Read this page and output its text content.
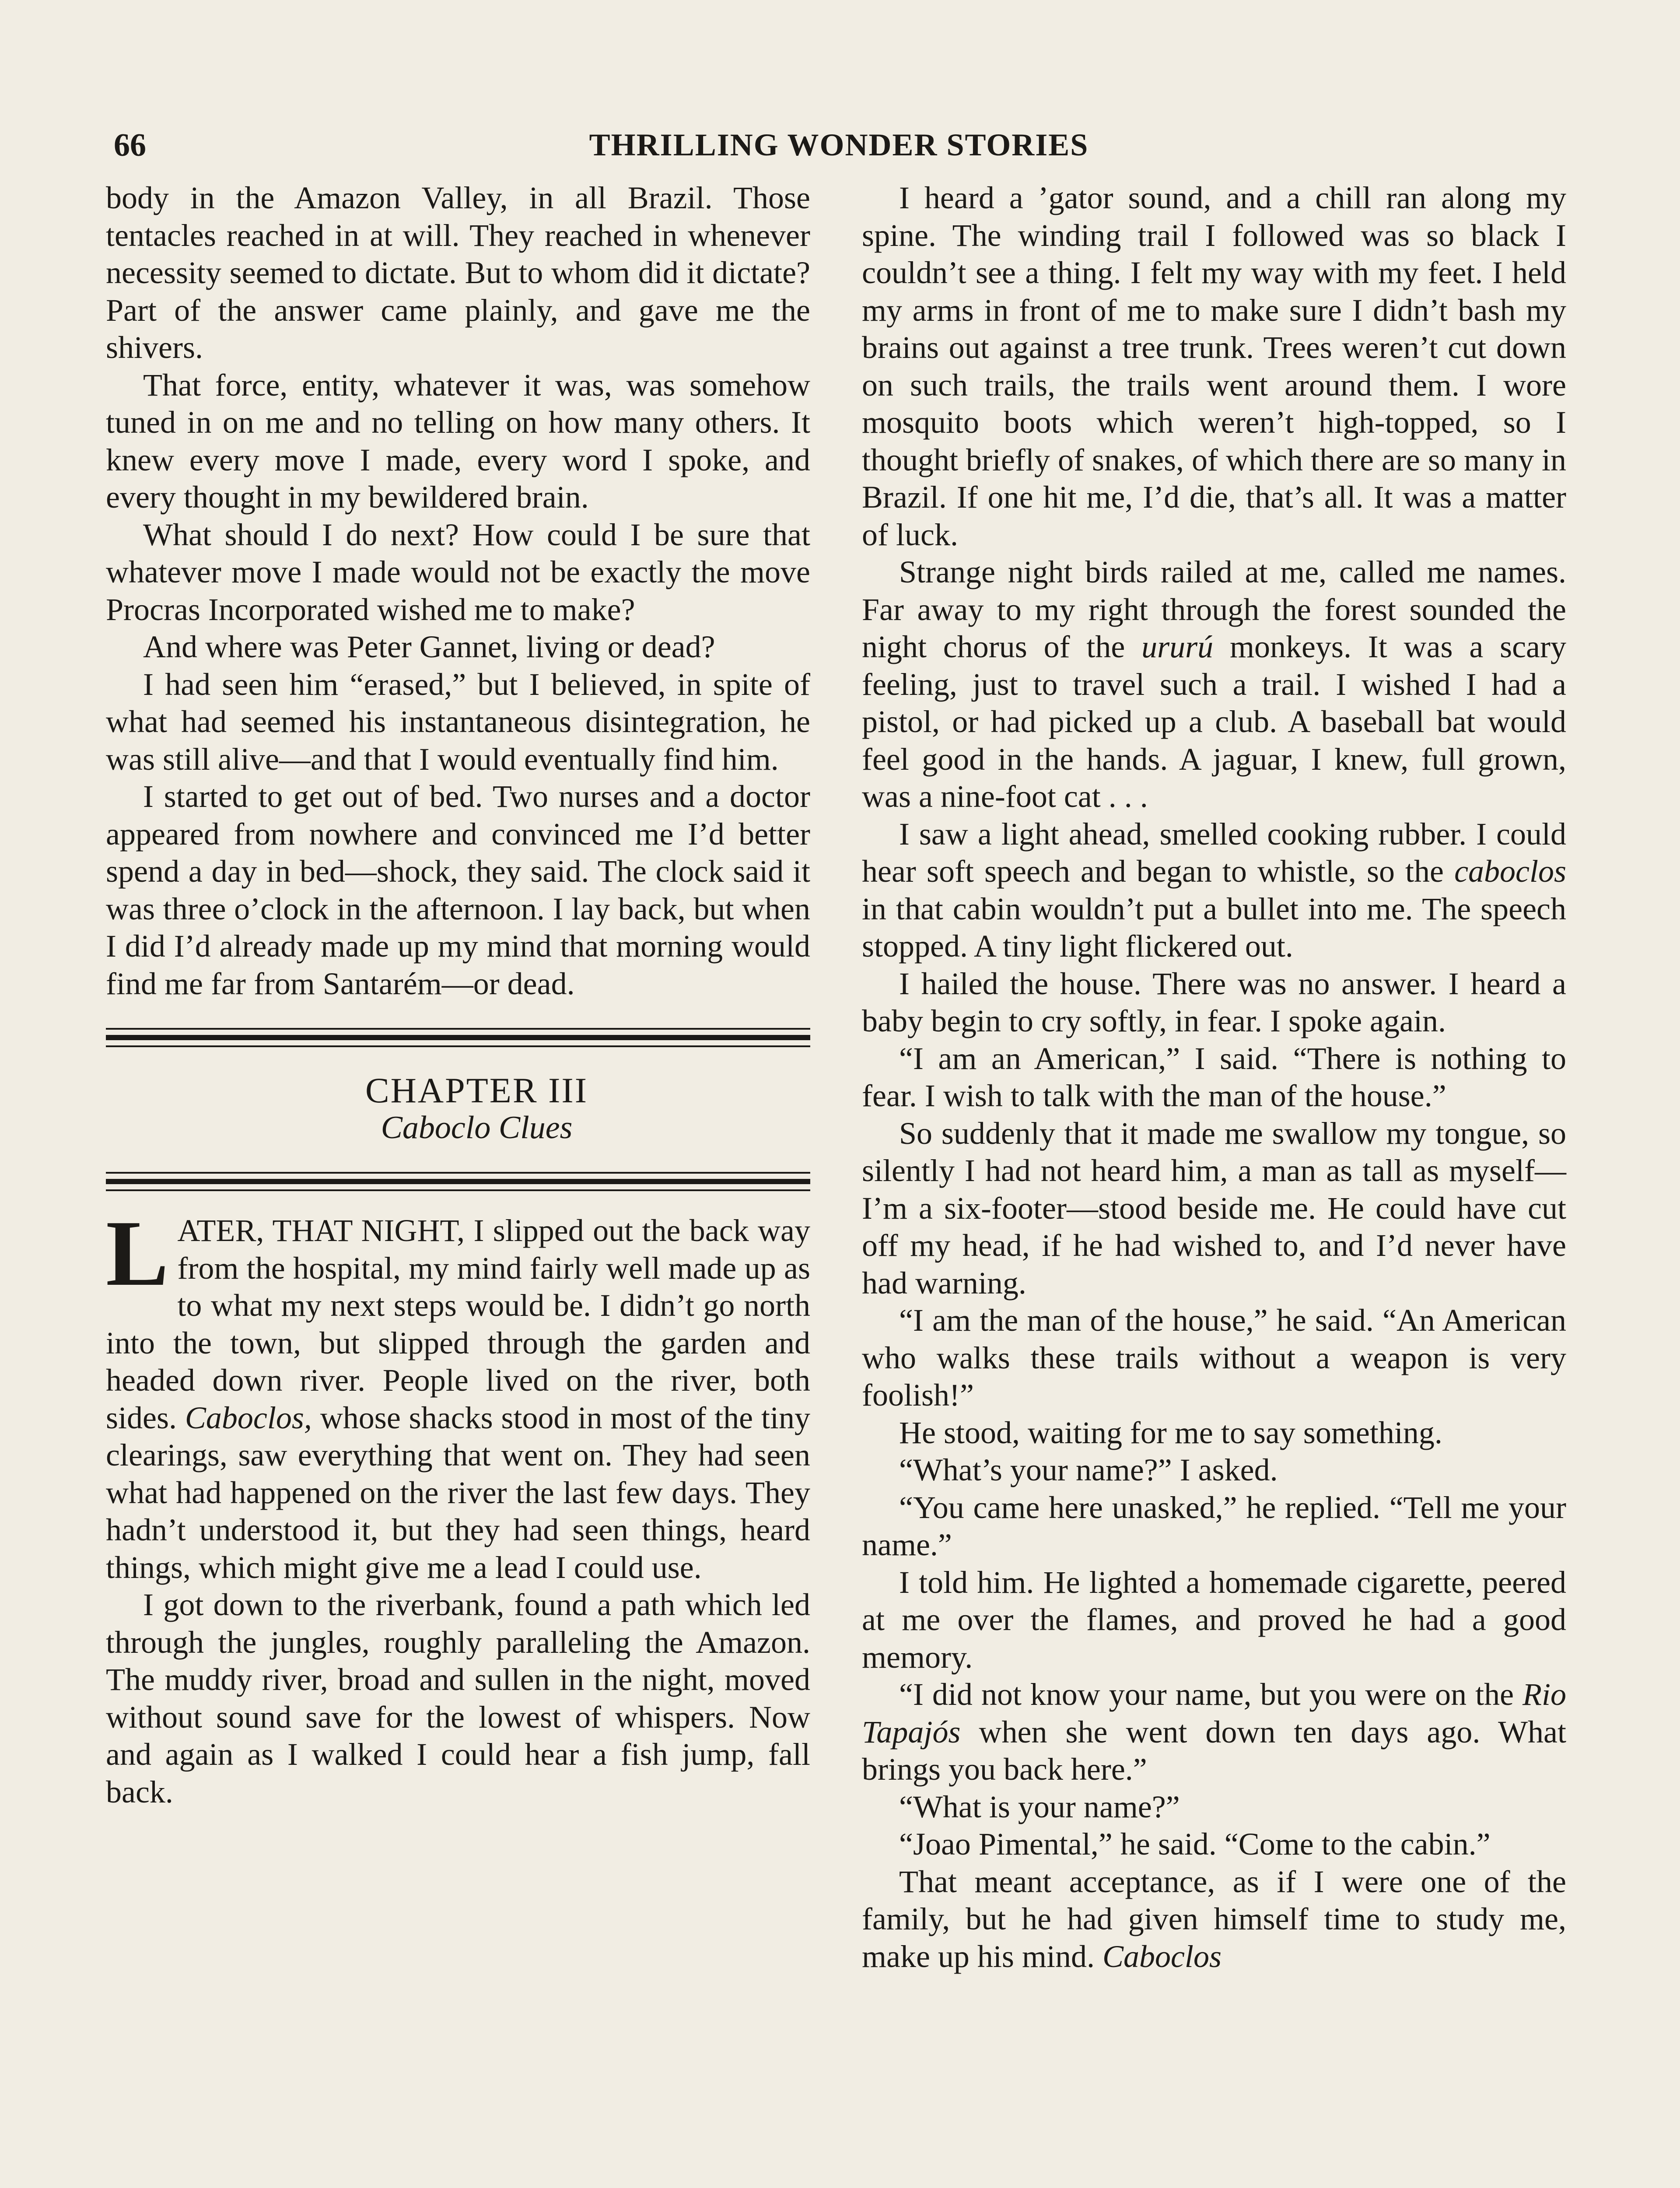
66	THRILLING WONDER STORIES

body in the Amazon Valley, in all Brazil. Those tentacles reached in at will. They reached in whenever necessity seemed to dictate. But to whom did it dictate? Part of the answer came plainly, and gave me the shivers.

That force, entity, whatever it was, was somehow tuned in on me and no telling on how many others. It knew every move I made, every word I spoke, and every thought in my bewildered brain.

What should I do next? How could I be sure that whatever move I made would not be exactly the move Procras Incorporated wished me to make?

And where was Peter Gannet, living or dead?

I had seen him “erased,” but I believed, in spite of what had seemed his instantaneous disintegration, he was still alive—and that I would eventually find him.

I started to get out of bed. Two nurses and a doctor appeared from nowhere and convinced me I’d better spend a day in bed—shock, they said. The clock said it was three o’clock in the afternoon. I lay back, but when I did I’d already made up my mind that morning would find me far from Santarém—or dead.

CHAPTER III

Caboclo Clues

LATER, THAT NIGHT, I slipped out the back way from the hospital, my mind fairly well made up as to what my next steps would be. I didn’t go north into the town, but slipped through the garden and headed down river. People lived on the river, both sides. Caboclos, whose shacks stood in most of the tiny clearings, saw everything that went on. They had seen what had happened on the river the last few days. They hadn’t understood it, but they had seen things, heard things, which might give me a lead I could use.

I got down to the riverbank, found a path which led through the jungles, roughly paralleling the Amazon. The muddy river, broad and sullen in the night, moved without sound save for the lowest of whispers. Now and again as I walked I could hear a fish jump, fall back.

I heard a ’gator sound, and a chill ran along my spine. The winding trail I followed was so black I couldn’t see a thing. I felt my way with my feet. I held my arms in front of me to make sure I didn’t bash my brains out against a tree trunk. Trees weren’t cut down on such trails, the trails went around them. I wore mosquito boots which weren’t high-topped, so I thought briefly of snakes, of which there are so many in Brazil. If one hit me, I’d die, that’s all. It was a matter of luck.

Strange night birds railed at me, called me names. Far away to my right through the forest sounded the night chorus of the ururú monkeys. It was a scary feeling, just to travel such a trail. I wished I had a pistol, or had picked up a club. A baseball bat would feel good in the hands. A jaguar, I knew, full grown, was a nine-foot cat . . .

I saw a light ahead, smelled cooking rubber. I could hear soft speech and began to whistle, so the caboclos in that cabin wouldn’t put a bullet into me. The speech stopped. A tiny light flickered out.

I hailed the house. There was no answer. I heard a baby begin to cry softly, in fear. I spoke again.

“I am an American,” I said. “There is nothing to fear. I wish to talk with the man of the house.”

So suddenly that it made me swallow my tongue, so silently I had not heard him, a man as tall as myself—I’m a six-footer—stood beside me. He could have cut off my head, if he had wished to, and I’d never have had warning.

“I am the man of the house,” he said. “An American who walks these trails without a weapon is very foolish!”

He stood, waiting for me to say something.

“What’s your name?” I asked.

“You came here unasked,” he replied. “Tell me your name.”

I told him. He lighted a homemade cigarette, peered at me over the flames, and proved he had a good memory.

“I did not know your name, but you were on the Rio Tapajós when she went down ten days ago. What brings you back here.”

“What is your name?”

“Joao Pimental,” he said. “Come to the cabin.”

That meant acceptance, as if I were one of the family, but he had given himself time to study me, make up his mind. Caboclos
